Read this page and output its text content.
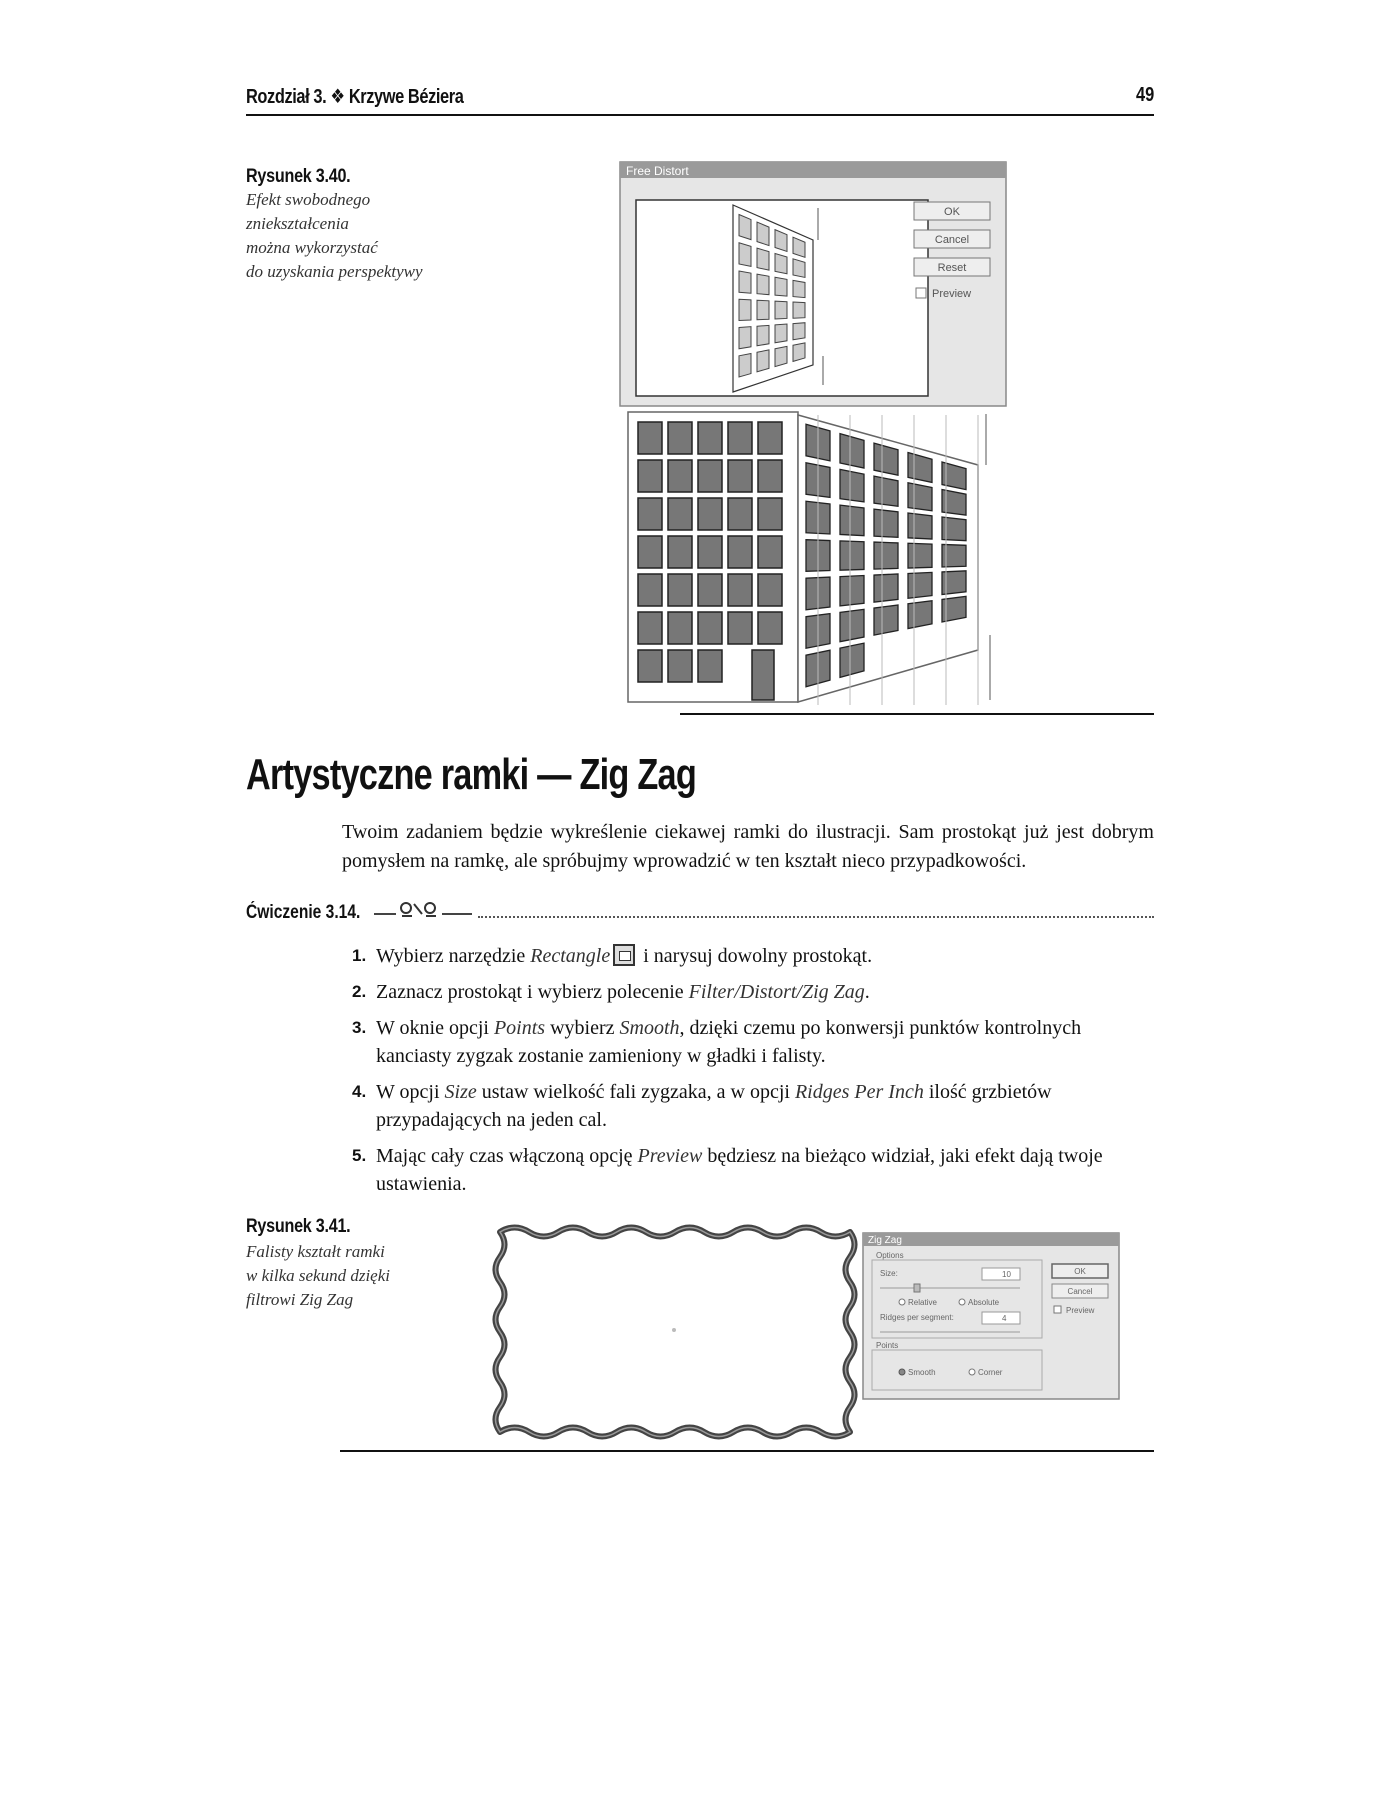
Rozdział 3. ❖ Krzywe Béziera	49
Rysunek 3.40.
Efekt swobodnego
zniekształcenia
można wykorzystać
do uzyskania perspektywy
Free Distort
OK
Cancel
Reset
Preview
Artystyczne ramki — Zig Zag

Twoim zadaniem będzie wykreślenie ciekawej ramki do ilustracji. Sam prostokąt już jest dobrym pomysłem na ramkę, ale spróbujmy wprowadzić w ten kształt nieco przypadkowości.

Ćwiczenie 3.14.
1. Wybierz narzędzie Rectangle i narysuj dowolny prostokąt.
2. Zaznacz prostokąt i wybierz polecenie Filter/Distort/Zig Zag.
3. W oknie opcji Points wybierz Smooth, dzięki czemu po konwersji punktów kontrolnych kanciasty zygzak zostanie zamieniony w gładki i falisty.
4. W opcji Size ustaw wielkość fali zygzaka, a w opcji Ridges Per Inch ilość grzbietów przypadających na jeden cal.
5. Mając cały czas włączoną opcję Preview będziesz na bieżąco widział, jaki efekt dają twoje ustawienia.
Rysunek 3.41.
Falisty kształt ramki
w kilka sekund dzięki
filtrowi Zig Zag
Zig Zag
Options
Size:	10
Relative	Absolute
Ridges per segment:	4
Points
Smooth	Corner
OK
Cancel
Preview
